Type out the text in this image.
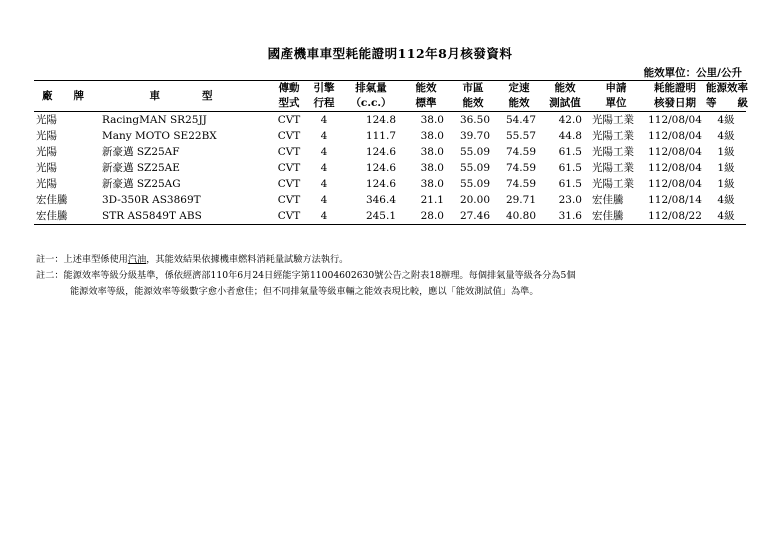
國產機車車型耗能證明112年8月核發資料
能效單位：公里/公升
廠　　牌	車　　　　型	傳動	引擎	排氣量	能效	市區	定速	能效	申請	耗能證明	能源效率
		型式	行程	（c.c.）	標準	能效	能效	測試值	單位	核發日期	等　　級
光陽	RacingMAN SR25JJ	CVT	4	124.8	38.0	36.50	54.47	42.0	光陽工業	112/08/04	4級
光陽	Many MOTO SE22BX	CVT	4	111.7	38.0	39.70	55.57	44.8	光陽工業	112/08/04	4級
光陽	新豪邁 SZ25AF	CVT	4	124.6	38.0	55.09	74.59	61.5	光陽工業	112/08/04	1級
光陽	新豪邁 SZ25AE	CVT	4	124.6	38.0	55.09	74.59	61.5	光陽工業	112/08/04	1級
光陽	新豪邁 SZ25AG	CVT	4	124.6	38.0	55.09	74.59	61.5	光陽工業	112/08/04	1級
宏佳騰	3D-350R AS3869T	CVT	4	346.4	21.1	20.00	29.71	23.0	宏佳騰	112/08/14	4級
宏佳騰	STR AS5849T ABS	CVT	4	245.1	28.0	27.46	40.80	31.6	宏佳騰	112/08/22	4級
註一：上述車型係使用汽油，其能效結果依據機車燃料消耗量試驗方法執行。
註二：能源效率等級分級基準，係依經濟部110年6月24日經能字第11004602630號公告之附表18辦理。每個排氣量等級各分為5個
能源效率等級，能源效率等級數字愈小者愈佳；但不同排氣量等級車輛之能效表現比較，應以「能效測試值」為準。
